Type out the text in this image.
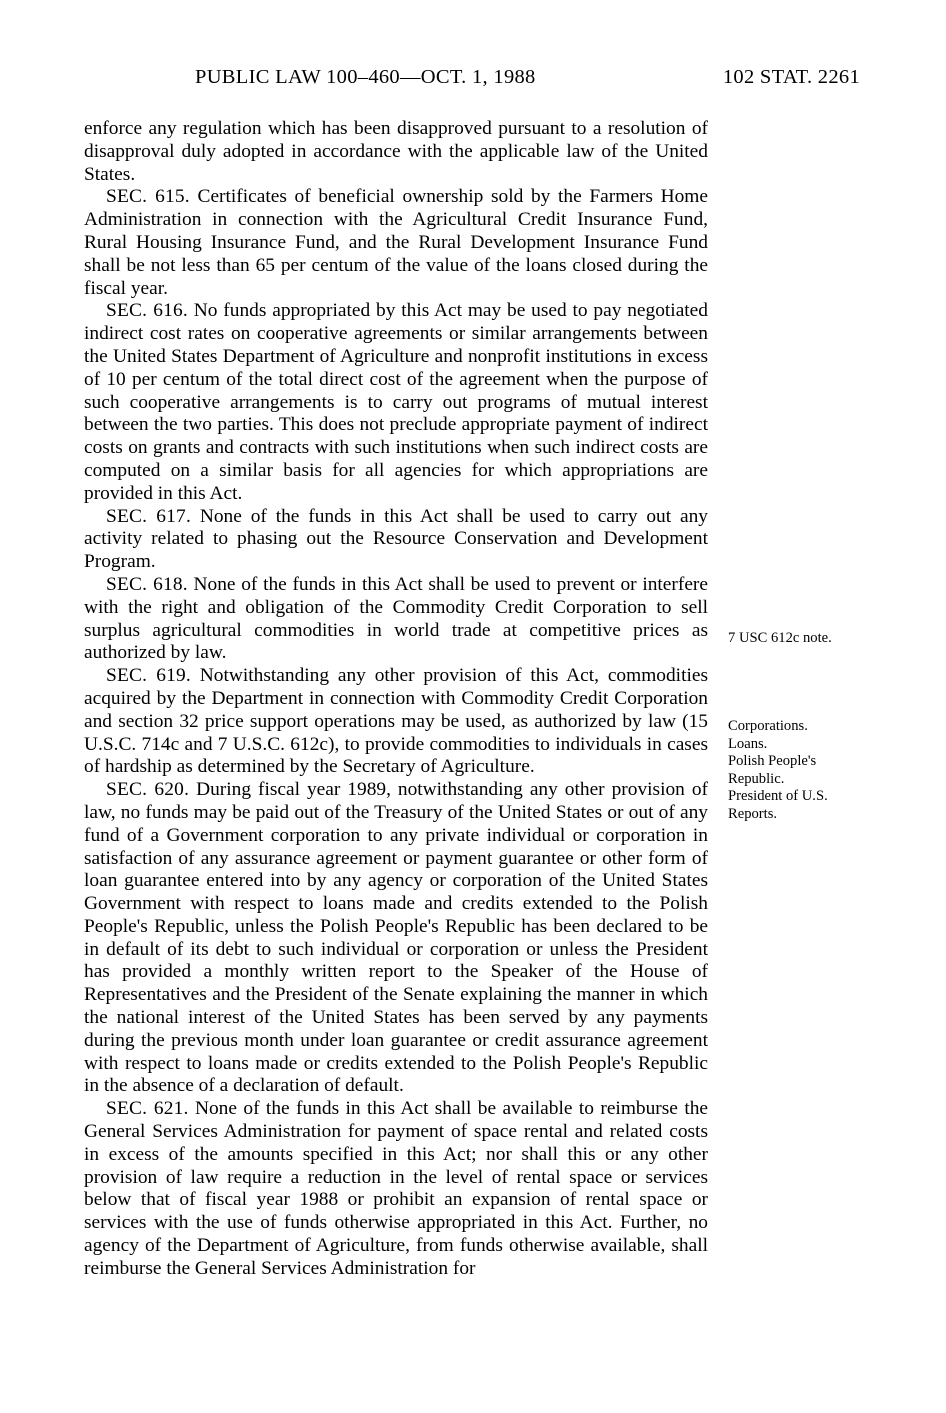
PUBLIC LAW 100–460—OCT. 1, 1988	102 STAT. 2261

enforce any regulation which has been disapproved pursuant to a resolution of disapproval duly adopted in accordance with the applicable law of the United States.

SEC. 615. Certificates of beneficial ownership sold by the Farmers Home Administration in connection with the Agricultural Credit Insurance Fund, Rural Housing Insurance Fund, and the Rural Development Insurance Fund shall be not less than 65 per centum of the value of the loans closed during the fiscal year.

SEC. 616. No funds appropriated by this Act may be used to pay negotiated indirect cost rates on cooperative agreements or similar arrangements between the United States Department of Agriculture and nonprofit institutions in excess of 10 per centum of the total direct cost of the agreement when the purpose of such cooperative arrangements is to carry out programs of mutual interest between the two parties. This does not preclude appropriate payment of indirect costs on grants and contracts with such institutions when such indirect costs are computed on a similar basis for all agencies for which appropriations are provided in this Act.

SEC. 617. None of the funds in this Act shall be used to carry out any activity related to phasing out the Resource Conservation and Development Program.

SEC. 618. None of the funds in this Act shall be used to prevent or interfere with the right and obligation of the Commodity Credit Corporation to sell surplus agricultural commodities in world trade at competitive prices as authorized by law.

SEC. 619. Notwithstanding any other provision of this Act, commodities acquired by the Department in connection with Commodity Credit Corporation and section 32 price support operations may be used, as authorized by law (15 U.S.C. 714c and 7 U.S.C. 612c), to provide commodities to individuals in cases of hardship as determined by the Secretary of Agriculture.

SEC. 620. During fiscal year 1989, notwithstanding any other provision of law, no funds may be paid out of the Treasury of the United States or out of any fund of a Government corporation to any private individual or corporation in satisfaction of any assurance agreement or payment guarantee or other form of loan guarantee entered into by any agency or corporation of the United States Government with respect to loans made and credits extended to the Polish People's Republic, unless the Polish People's Republic has been declared to be in default of its debt to such individual or corporation or unless the President has provided a monthly written report to the Speaker of the House of Representatives and the President of the Senate explaining the manner in which the national interest of the United States has been served by any payments during the previous month under loan guarantee or credit assurance agreement with respect to loans made or credits extended to the Polish People's Republic in the absence of a declaration of default.

SEC. 621. None of the funds in this Act shall be available to reimburse the General Services Administration for payment of space rental and related costs in excess of the amounts specified in this Act; nor shall this or any other provision of law require a reduction in the level of rental space or services below that of fiscal year 1988 or prohibit an expansion of rental space or services with the use of funds otherwise appropriated in this Act. Further, no agency of the Department of Agriculture, from funds otherwise available, shall reimburse the General Services Administration for

7 USC 612c note.
Corporations.
Loans.
Polish People's
Republic.
President of U.S.
Reports.
